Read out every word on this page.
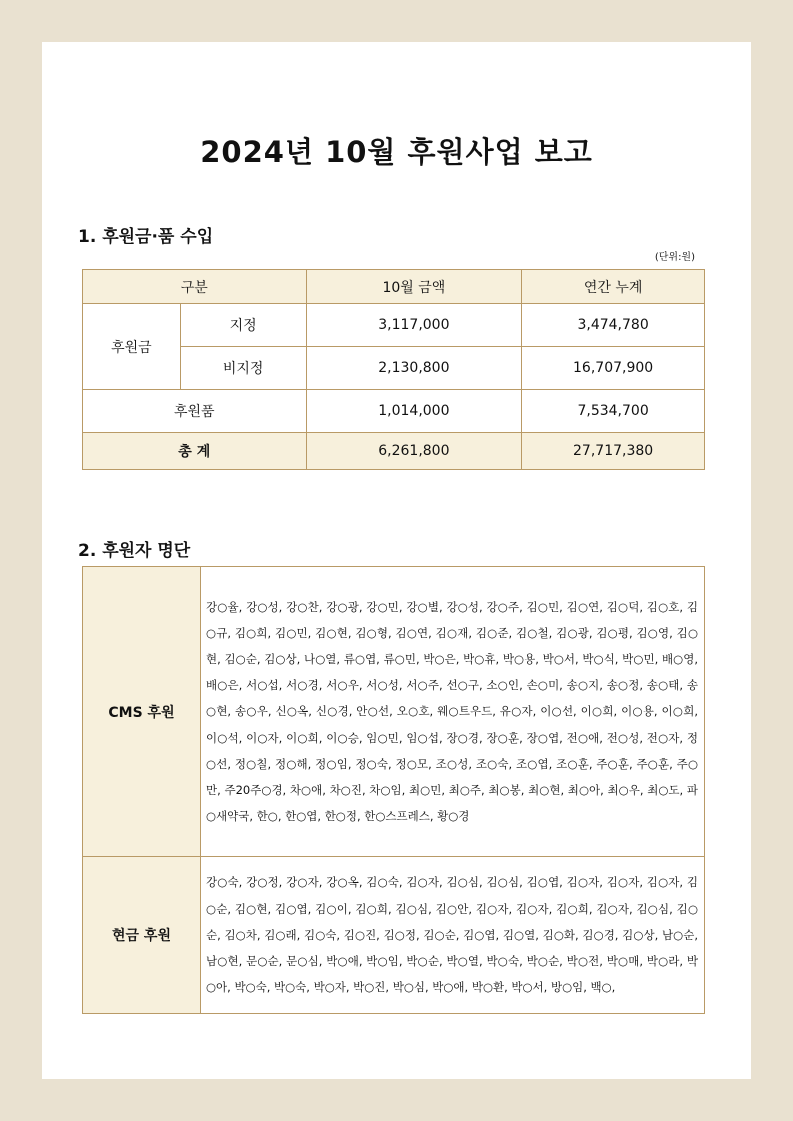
2024년 10월 후원사업 보고
1. 후원금·품 수입
(단위:원)
구분		10월 금액	연간 누계
후원금	지정	3,117,000	3,474,780
	비지정	2,130,800	16,707,900
후원품		1,014,000	7,534,700
총 계		6,261,800	27,717,380
2. 후원자 명단
CMS 후원	강○율, 강○성, 강○찬, 강○광, 강○민, 강○별, 강○성, 강○주, 김○민, 김○연, 김○덕, 김○호, 김○규, 김○희, 김○민, 김○현, 김○형, 김○연, 김○재, 김○준, 김○철, 김○광, 김○평, 김○영, 김○현, 김○순, 김○상, 나○열, 류○엽, 류○민, 박○은, 박○휴, 박○용, 박○서, 박○식, 박○민, 배○영, 배○은, 서○섭, 서○경, 서○우, 서○성, 서○주, 선○구, 소○인, 손○미, 송○지, 송○정, 송○태, 송○현, 송○우, 신○옥, 신○경, 안○선, 오○호, 웨○트우드, 유○자, 이○선, 이○희, 이○용, 이○희, 이○석, 이○자, 이○희, 이○승, 임○민, 임○섭, 장○경, 장○훈, 장○엽, 전○애, 전○성, 전○자, 정○선, 정○칠, 정○해, 정○임, 정○숙, 정○모, 조○성, 조○숙, 조○엽, 조○훈, 주○훈, 주○훈, 주○만, 주20주○경, 차○애, 차○진, 차○임, 최○민, 최○주, 최○봉, 최○현, 최○아, 최○우, 최○도, 파○새약국, 한○, 한○엽, 한○정, 한○스프레스, 황○경
현금 후원	강○숙, 강○정, 강○자, 강○옥, 김○숙, 김○자, 김○심, 김○심, 김○엽, 김○자, 김○자, 김○자, 김○순, 김○현, 김○엽, 김○이, 김○희, 김○심, 김○안, 김○자, 김○자, 김○희, 김○자, 김○심, 김○순, 김○차, 김○래, 김○숙, 김○진, 김○정, 김○순, 김○엽, 김○열, 김○화, 김○경, 김○상, 남○순, 남○현, 문○순, 문○심, 박○애, 박○임, 박○순, 박○열, 박○숙, 박○순, 박○전, 박○매, 박○라, 박○아, 박○숙, 박○숙, 박○자, 박○진, 박○심, 박○애, 박○환, 박○서, 방○임, 백○,
